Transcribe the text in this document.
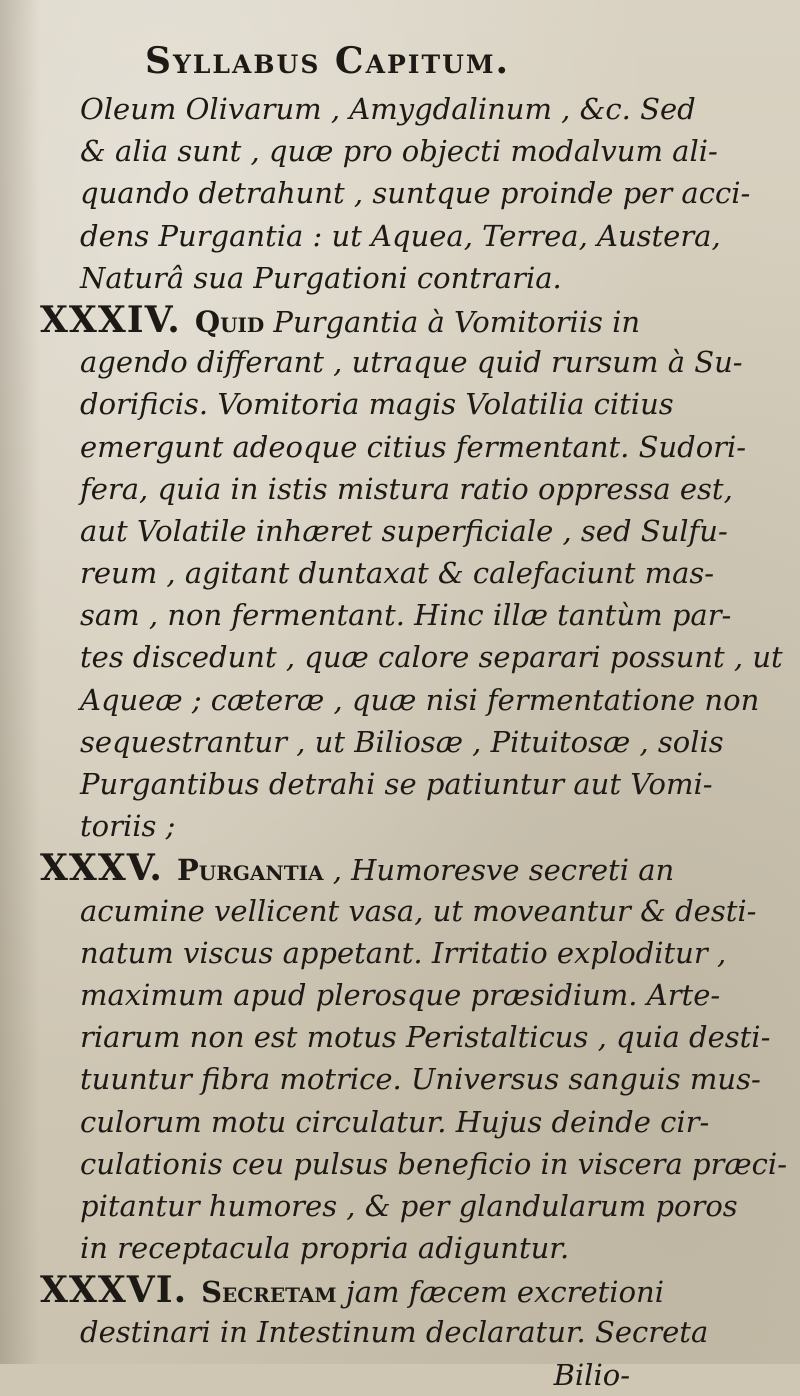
Syllabus Capitum.
Oleum Olivarum , Amygdalinum , &c. Sed
& alia sunt , quæ pro objecti modalvum ali-
quando detrahunt , suntque proinde per acci-
dens Purgantia : ut Aquea, Terrea, Austera,
Naturâ sua Purgationi contraria.
XXXIV. Quid Purgantia à Vomitoriis in
agendo differant , utraque quid rursum à Su-
dorificis. Vomitoria magis Volatilia citius
emergunt adeoque citius fermentant. Sudori-
fera, quia in istis mistura ratio oppressa est,
aut Volatile inhæret superficiale , sed Sulfu-
reum , agitant duntaxat & calefaciunt mas-
sam , non fermentant. Hinc illæ tantùm par-
tes discedunt , quæ calore separari possunt , ut
Aqueæ ; cæteræ , quæ nisi fermentatione non
sequestrantur , ut Biliosæ , Pituitosæ , solis
Purgantibus detrahi se patiuntur aut Vomi-
toriis ;
XXXV. Purgantia , Humoresve secreti an
acumine vellicent vasa, ut moveantur & desti-
natum viscus appetant. Irritatio exploditur ,
maximum apud plerosque præsidium. Arte-
riarum non est motus Peristalticus , quia desti-
tuuntur fibra motrice. Universus sanguis mus-
culorum motu circulatur. Hujus deinde cir-
culationis ceu pulsus beneficio in viscera præci-
pitantur humores , & per glandularum poros
in receptacula propria adiguntur.
XXXVI. Secretam jam fæcem excretioni
destinari in Intestinum declaratur. Secreta
Bilio-
